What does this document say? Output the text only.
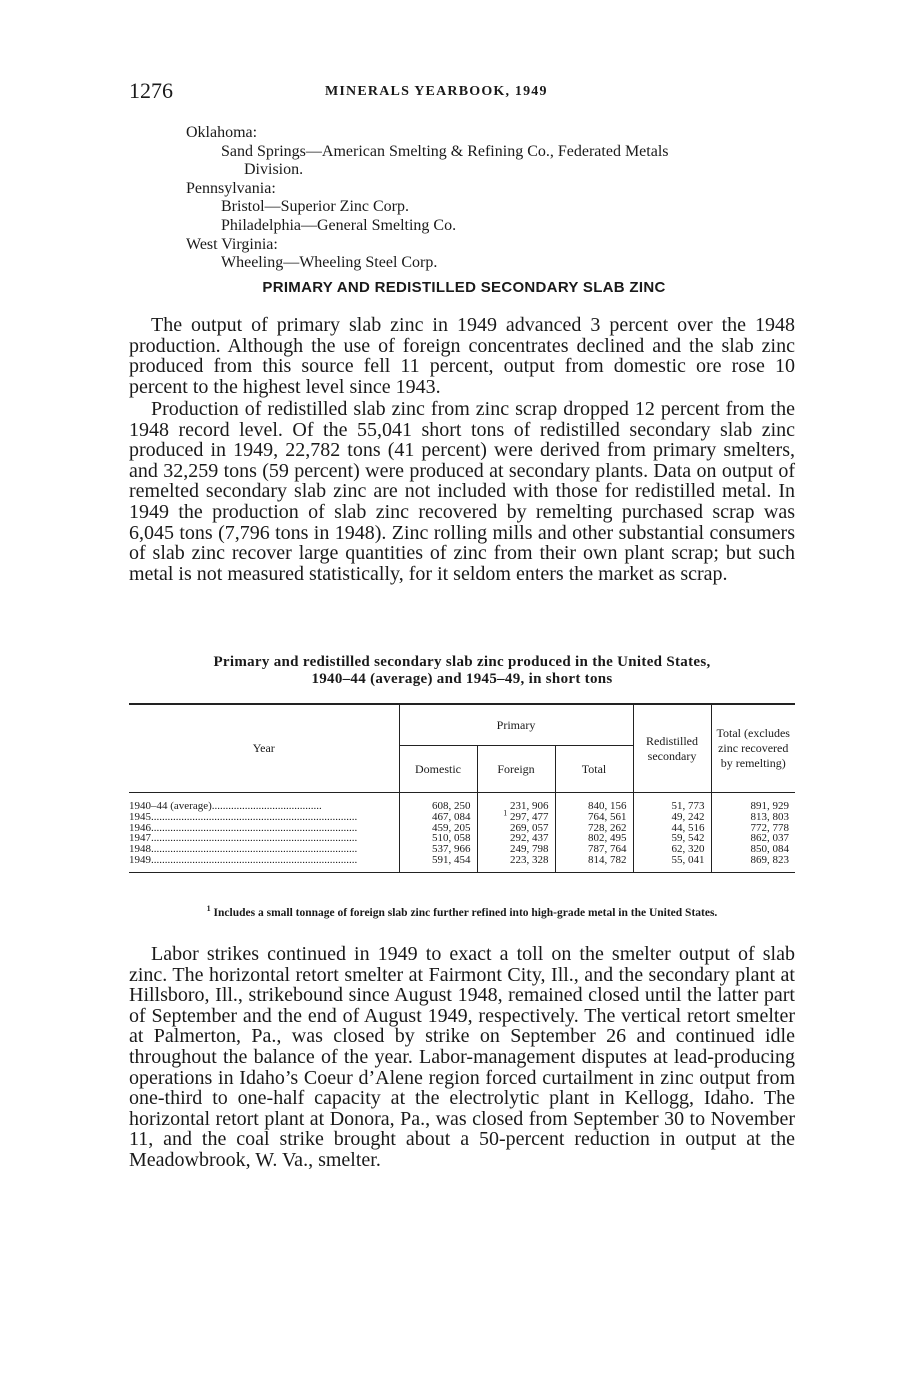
1276	MINERALS YEARBOOK, 1949
Oklahoma:
Sand Springs—American Smelting & Refining Co., Federated Metals
Division.
Pennsylvania:
Bristol—Superior Zinc Corp.
Philadelphia—General Smelting Co.
West Virginia:
Wheeling—Wheeling Steel Corp.
PRIMARY AND REDISTILLED SECONDARY SLAB ZINC

The output of primary slab zinc in 1949 advanced 3 percent over the 1948 production. Although the use of foreign concentrates declined and the slab zinc produced from this source fell 11 percent, output from domestic ore rose 10 percent to the highest level since 1943.

Production of redistilled slab zinc from zinc scrap dropped 12 percent from the 1948 record level. Of the 55,041 short tons of redistilled secondary slab zinc produced in 1949, 22,782 tons (41 percent) were derived from primary smelters, and 32,259 tons (59 percent) were produced at secondary plants. Data on output of remelted secondary slab zinc are not included with those for redistilled metal. In 1949 the production of slab zinc recovered by remelting purchased scrap was 6,045 tons (7,796 tons in 1948). Zinc rolling mills and other substantial consumers of slab zinc recover large quantities of zinc from their own plant scrap; but such metal is not measured statistically, for it seldom enters the market as scrap.

Primary and redistilled secondary slab zinc produced in the United States,
1940–44 (average) and 1945–49, in short tons
Year	Primary			Redistilled secondary	Total (excludes zinc recovered by remelting)
	Domestic	Foreign	Total		
1940–44 (average)........................................	608, 250	231, 906	840, 156	51, 773	891, 929
1945...........................................................................	467, 084	$^1$ 297, 477	764, 561	49, 242	813, 803
1946...........................................................................	459, 205	269, 057	728, 262	44, 516	772, 778
1947...........................................................................	510, 058	292, 437	802, 495	59, 542	862, 037
1948...........................................................................	537, 966	249, 798	787, 764	62, 320	850, 084
1949...........................................................................	591, 454	223, 328	814, 782	55, 041	869, 823
$^1$ Includes a small tonnage of foreign slab zinc further refined into high-grade metal in the United States.

Labor strikes continued in 1949 to exact a toll on the smelter output of slab zinc. The horizontal retort smelter at Fairmont City, Ill., and the secondary plant at Hillsboro, Ill., strikebound since August 1948, remained closed until the latter part of September and the end of August 1949, respectively. The vertical retort smelter at Palmerton, Pa., was closed by strike on September 26 and continued idle throughout the balance of the year. Labor-management disputes at lead-producing operations in Idaho’s Coeur d’Alene region forced curtailment in zinc output from one-third to one-half capacity at the electrolytic plant in Kellogg, Idaho. The horizontal retort plant at Donora, Pa., was closed from September 30 to November 11, and the coal strike brought about a 50-percent reduction in output at the Meadowbrook, W. Va., smelter.
